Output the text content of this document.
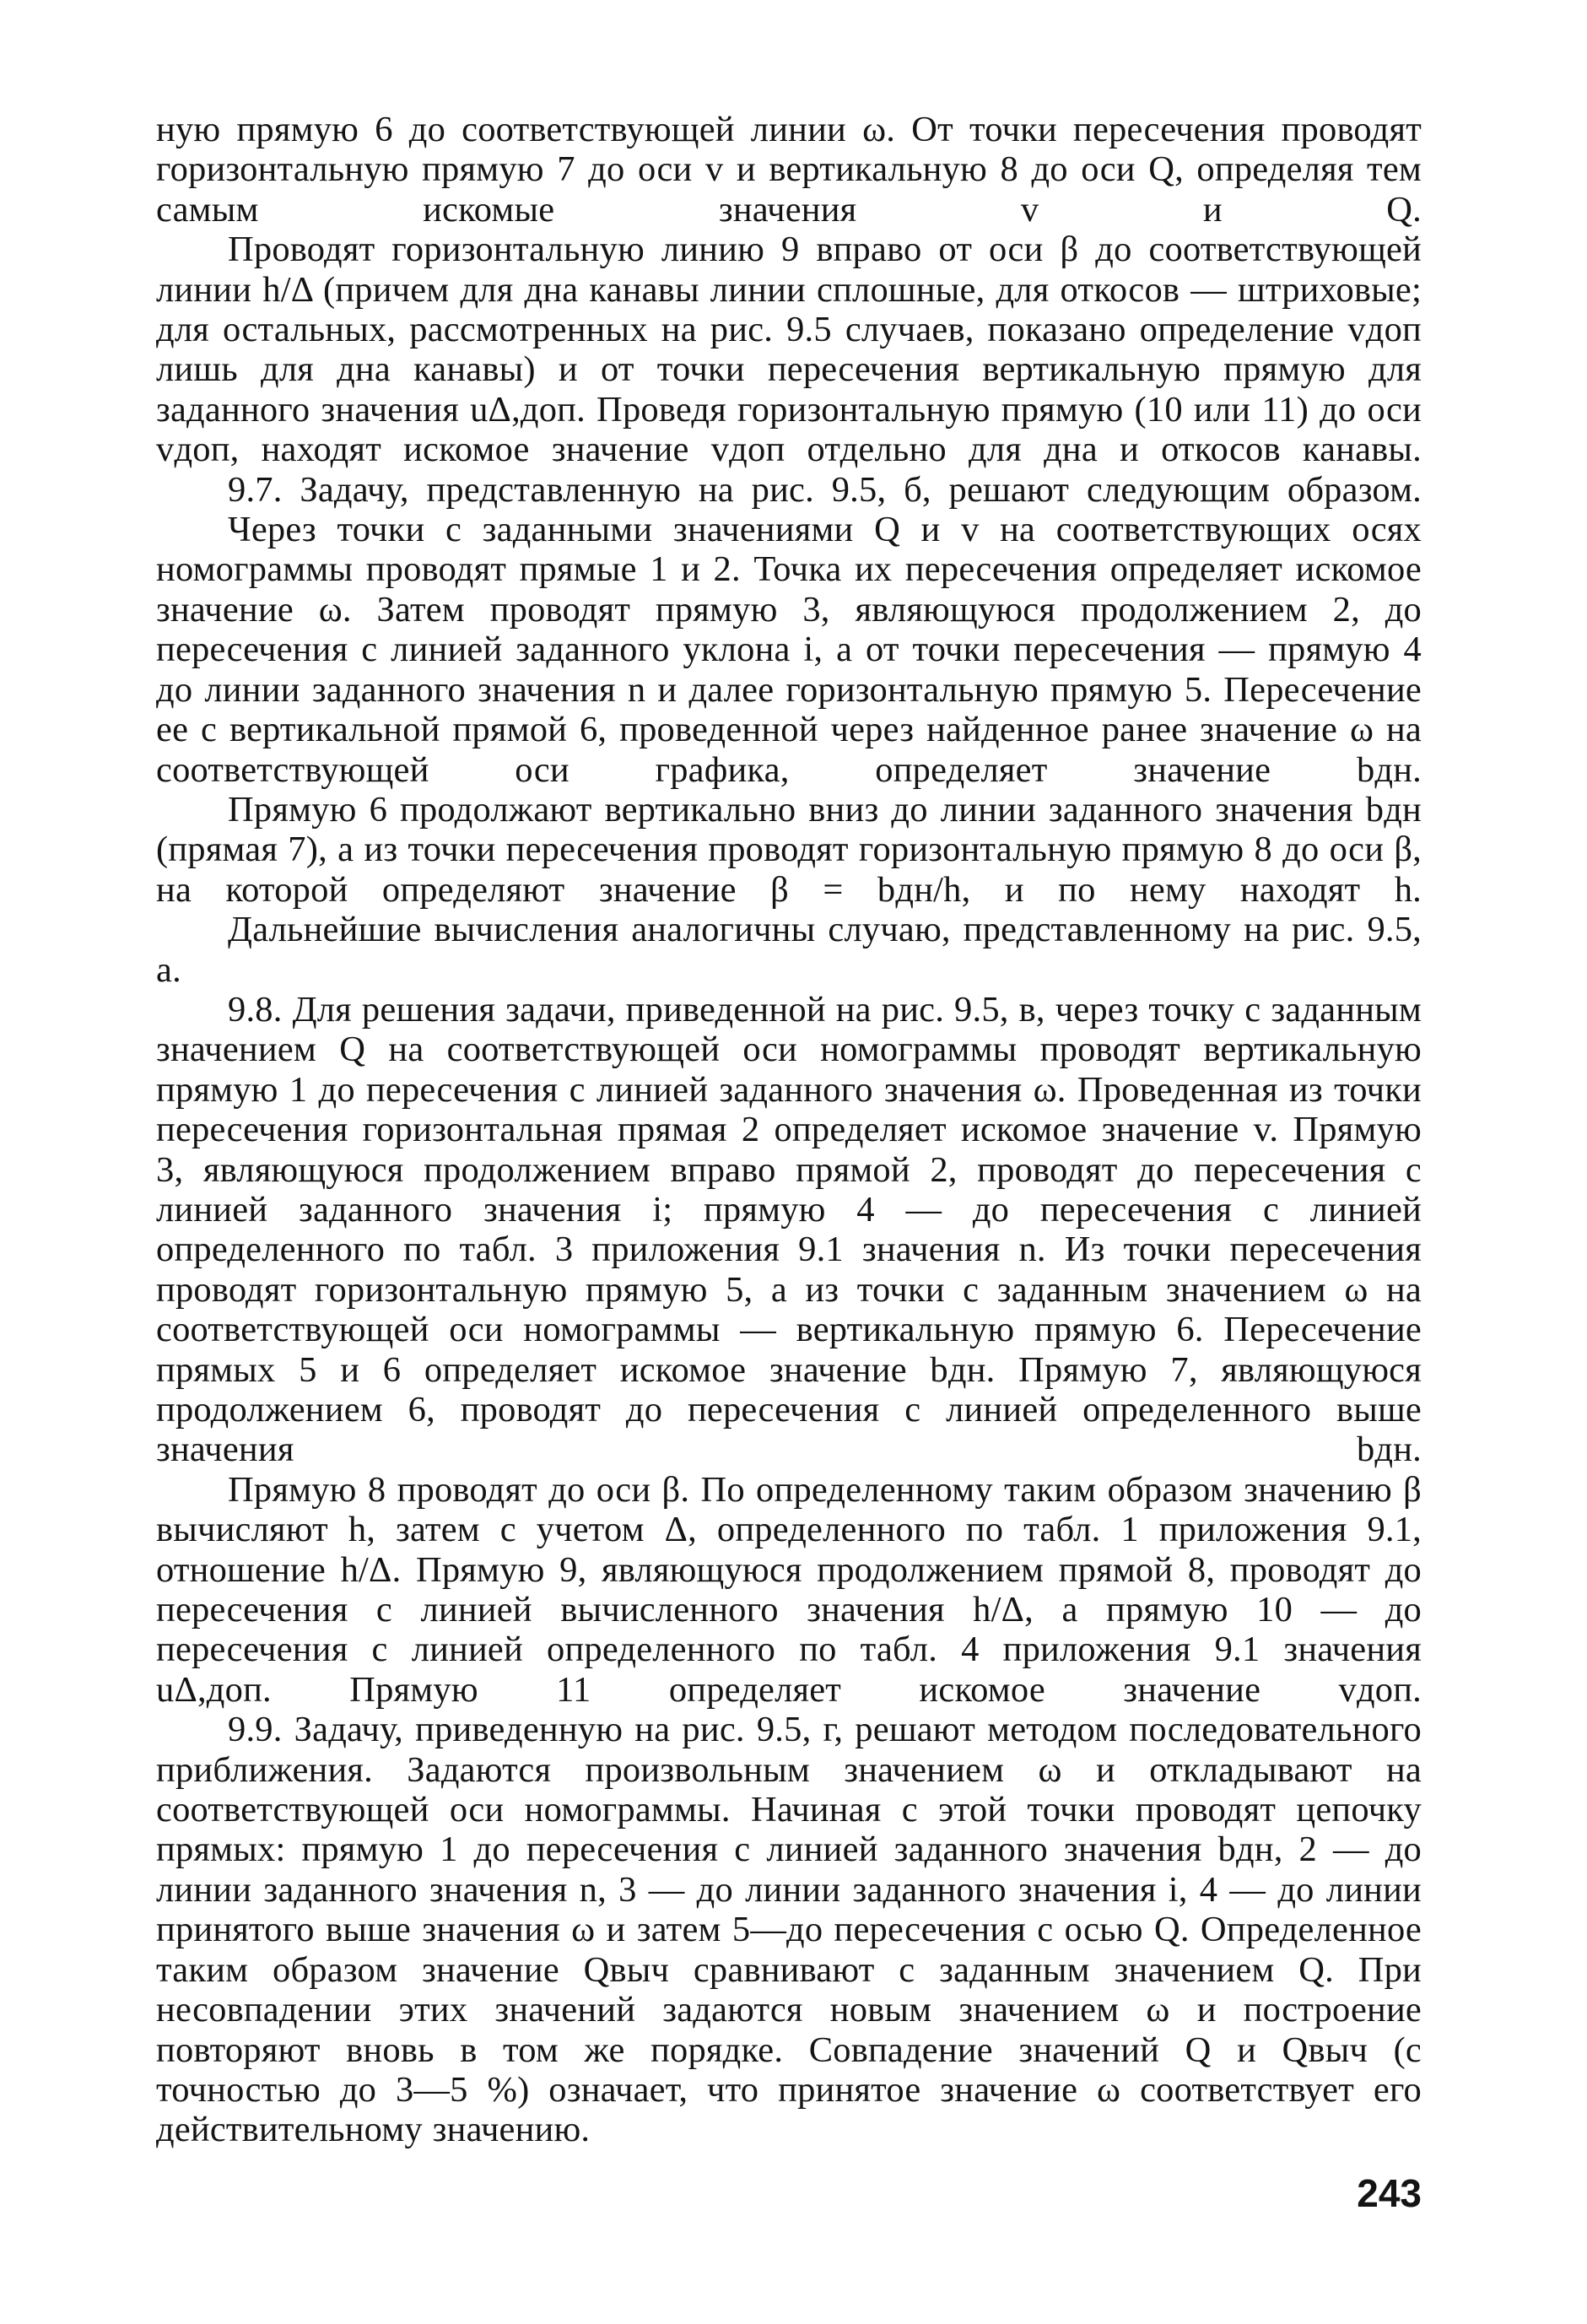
ную прямую 6 до соответствующей линии ω. От точки пересечения проводят горизонтальную прямую 7 до оси v и вертикальную 8 до оси Q, определяя тем самым искомые значения v и Q.

Проводят горизонтальную линию 9 вправо от оси β до соответствующей линии h/Δ (причем для дна канавы линии сплошные, для откосов — штриховые; для остальных, рассмотренных на рис. 9.5 случаев, показано определение vдоп лишь для дна канавы) и от точки пересечения вертикальную прямую для заданного значения uΔ,доп. Проведя горизонтальную прямую (10 или 11) до оси vдоп, находят искомое значение vдоп отдельно для дна и откосов канавы.

9.7. Задачу, представленную на рис. 9.5, б, решают следующим образом.

Через точки с заданными значениями Q и v на соответствующих осях номограммы проводят прямые 1 и 2. Точка их пересечения определяет искомое значение ω. Затем проводят прямую 3, являющуюся продолжением 2, до пересечения с линией заданного уклона i, а от точки пересечения — прямую 4 до линии заданного значения n и далее горизонтальную прямую 5. Пересечение ее с вертикальной прямой 6, проведенной через найденное ранее значение ω на соответствующей оси графика, определяет значение bдн.

Прямую 6 продолжают вертикально вниз до линии заданного значения bдн (прямая 7), а из точки пересечения проводят горизонтальную прямую 8 до оси β, на которой определяют значение β = bдн/h, и по нему находят h.

Дальнейшие вычисления аналогичны случаю, представленному на рис. 9.5, а.

9.8. Для решения задачи, приведенной на рис. 9.5, в, через точку с заданным значением Q на соответствующей оси номограммы проводят вертикальную прямую 1 до пересечения с линией заданного значения ω. Проведенная из точки пересечения горизонтальная прямая 2 определяет искомое значение v. Прямую 3, являющуюся продолжением вправо прямой 2, проводят до пересечения с линией заданного значения i; прямую 4 — до пересечения с линией определенного по табл. 3 приложения 9.1 значения n. Из точки пересечения проводят горизонтальную прямую 5, а из точки с заданным значением ω на соответствующей оси номограммы — вертикальную прямую 6. Пересечение прямых 5 и 6 определяет искомое значение bдн. Прямую 7, являющуюся продолжением 6, проводят до пересечения с линией определенного выше значения bдн.

Прямую 8 проводят до оси β. По определенному таким образом значению β вычисляют h, затем с учетом Δ, определенного по табл. 1 приложения 9.1, отношение h/Δ. Прямую 9, являющуюся продолжением прямой 8, проводят до пересечения с линией вычисленного значения h/Δ, а прямую 10 — до пересечения с линией определенного по табл. 4 приложения 9.1 значения uΔ,доп. Прямую 11 определяет искомое значение vдоп.

9.9. Задачу, приведенную на рис. 9.5, г, решают методом последовательного приближения. Задаются произвольным значением ω и откладывают на соответствующей оси номограммы. Начиная с этой точки проводят цепочку прямых: прямую 1 до пересечения с линией заданного значения bдн, 2 — до линии заданного значения n, 3 — до линии заданного значения i, 4 — до линии принятого выше значения ω и затем 5—до пересечения с осью Q. Определенное таким образом значение Qвыч сравнивают с заданным значением Q. При несовпадении этих значений задаются новым значением ω и построение повторяют вновь в том же порядке. Совпадение значений Q и Qвыч (с точностью до 3—5 %) означает, что принятое значение ω соответствует его действительному значению.

243
